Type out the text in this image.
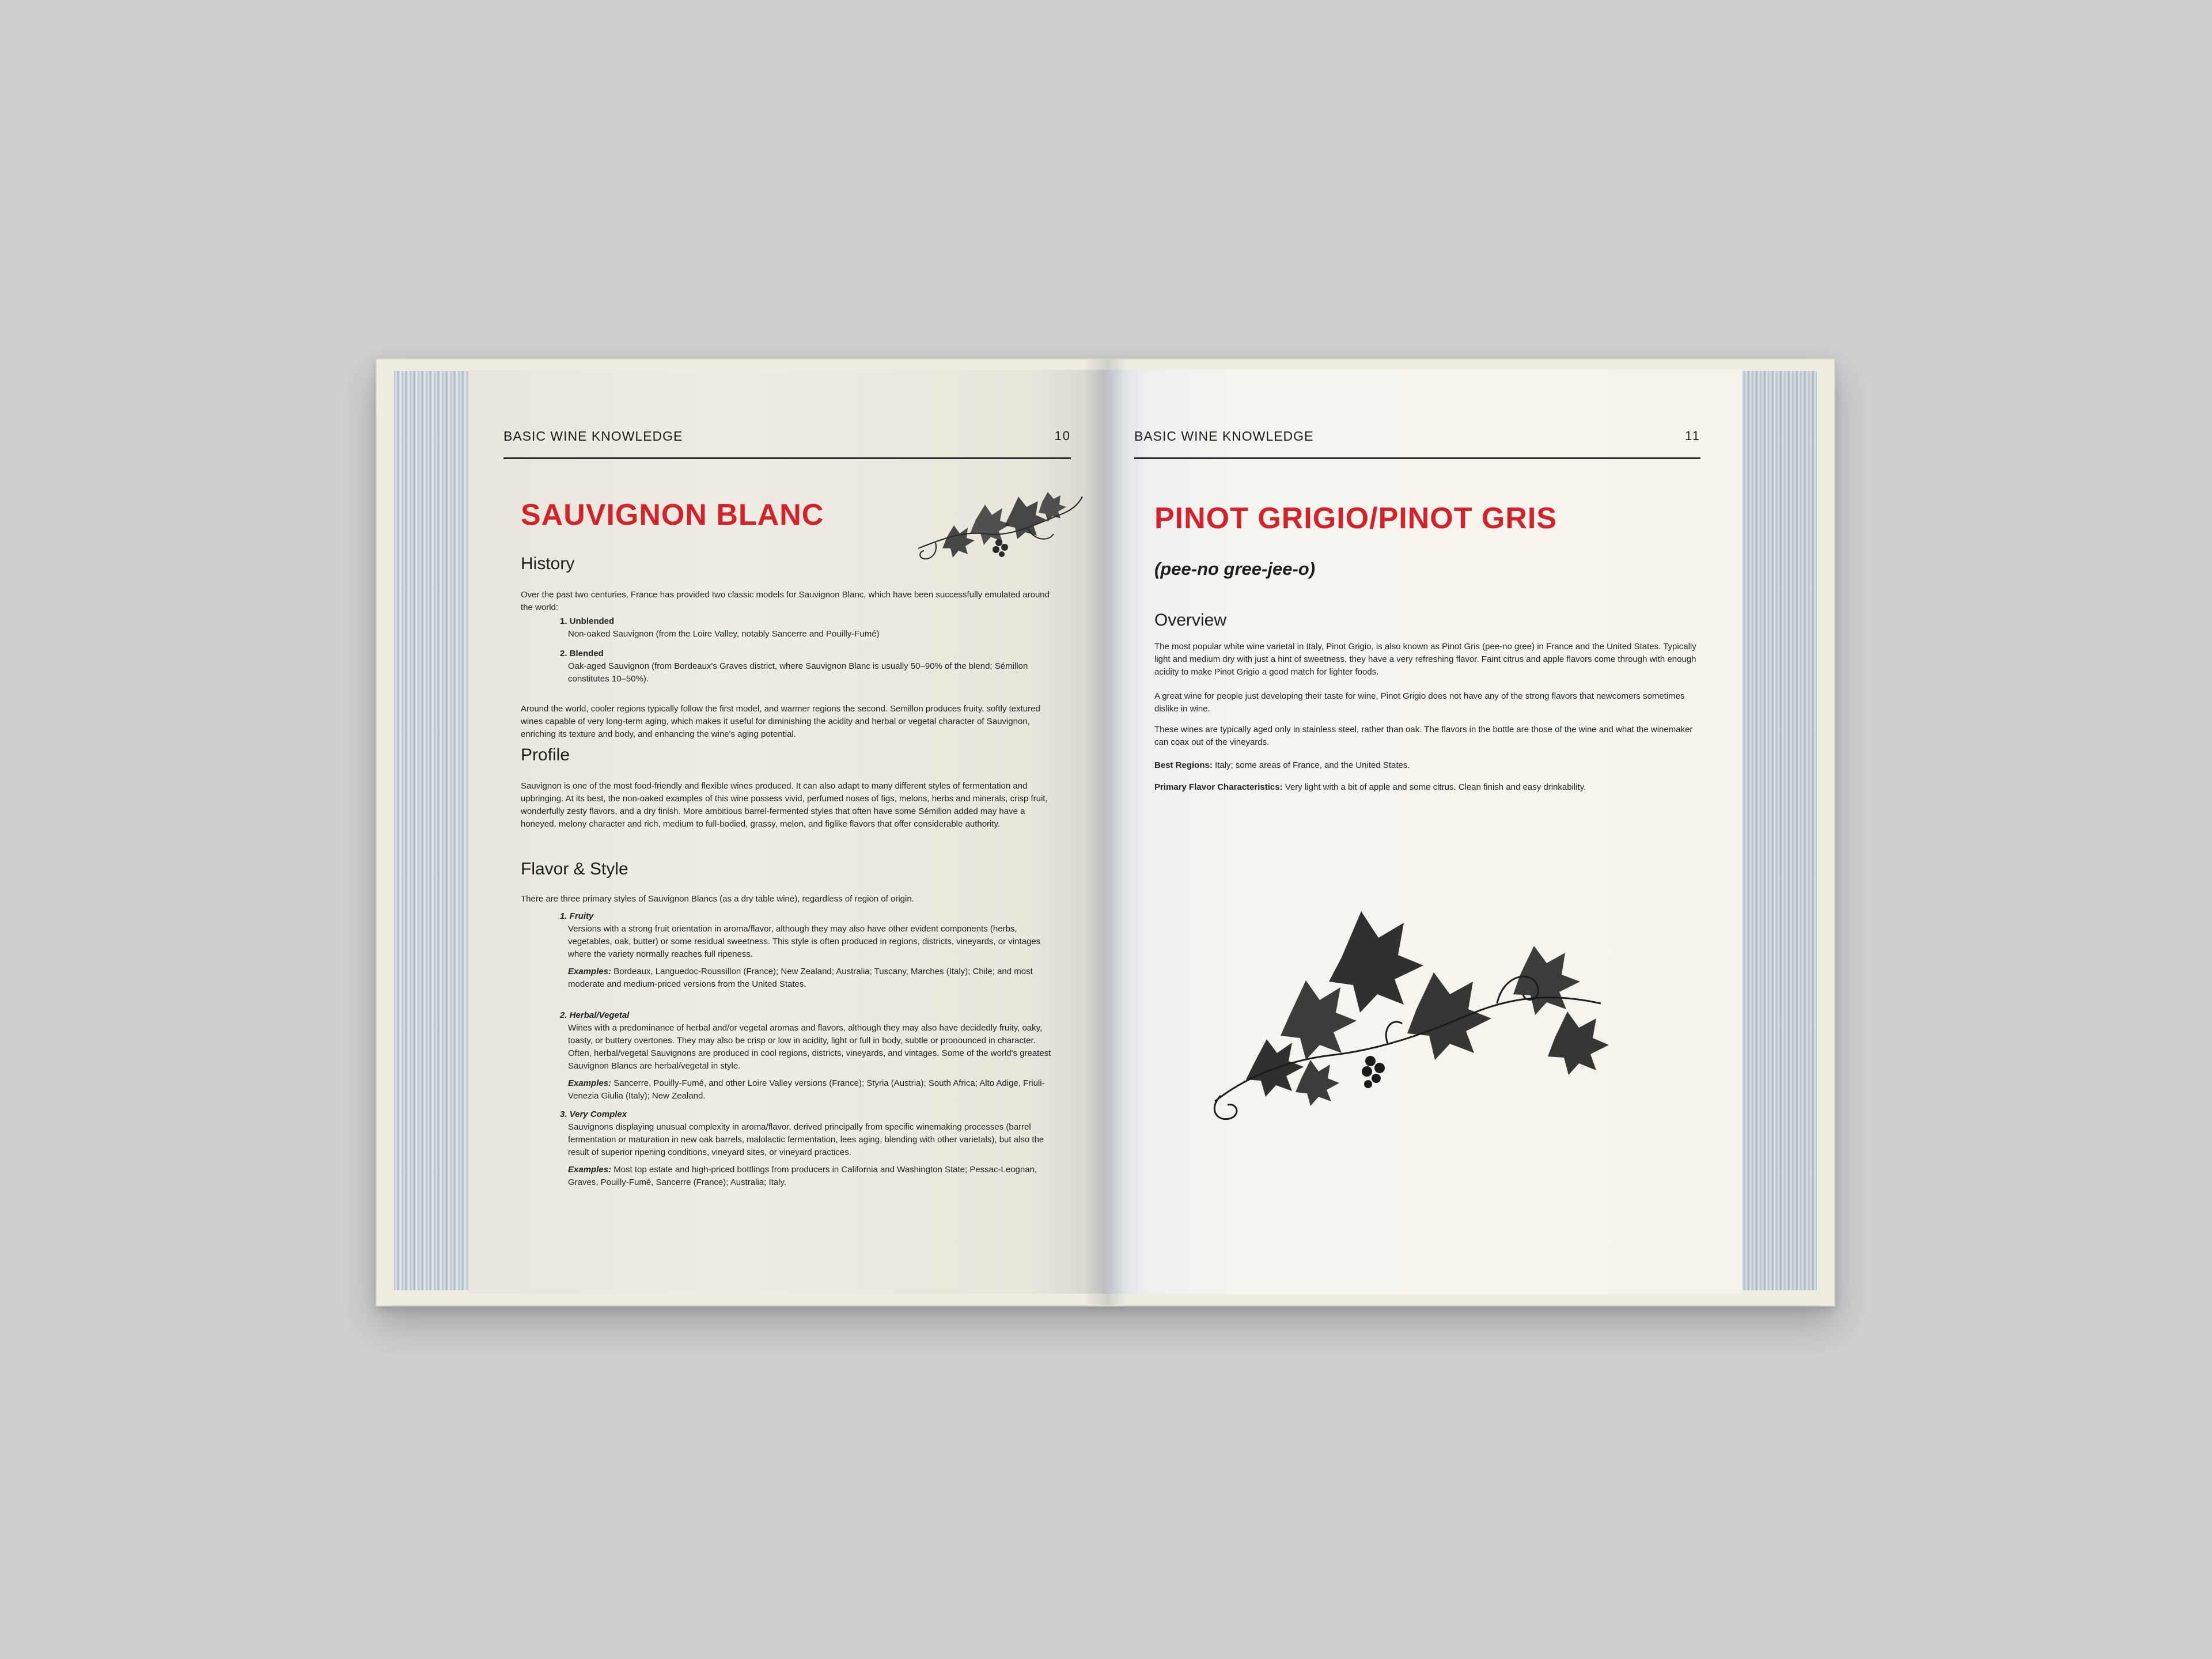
BASIC WINE KNOWLEDGE	10
SAUVIGNON BLANC
History
Over the past two centuries, France has provided two classic models for Sauvignon Blanc, which have been successfully emulated around the world:
1. Unblended
Non-oaked Sauvignon (from the Loire Valley, notably Sancerre and Pouilly-Fumé)
2. Blended
Oak-aged Sauvignon (from Bordeaux's Graves district, where Sauvignon Blanc is usually 50–90% of the blend; Sémillon constitutes 10–50%).
Around the world, cooler regions typically follow the first model, and warmer regions the second. Semillon produces fruity, softly textured wines capable of very long-term aging, which makes it useful for diminishing the acidity and herbal or vegetal character of Sauvignon, enriching its texture and body, and enhancing the wine's aging potential.
Profile
Sauvignon is one of the most food-friendly and flexible wines produced. It can also adapt to many different styles of fermentation and upbringing. At its best, the non-oaked examples of this wine possess vivid, perfumed noses of figs, melons, herbs and minerals, crisp fruit, wonderfully zesty flavors, and a dry finish. More ambitious barrel-fermented styles that often have some Sémillon added may have a honeyed, melony character and rich, medium to full-bodied, grassy, melon, and figlike flavors that offer considerable authority.
Flavor & Style
There are three primary styles of Sauvignon Blancs (as a dry table wine), regardless of region of origin.
1. Fruity
Versions with a strong fruit orientation in aroma/flavor, although they may also have other evident components (herbs, vegetables, oak, butter) or some residual sweetness. This style is often produced in regions, districts, vineyards, or vintages where the variety normally reaches full ripeness.
Examples: Bordeaux, Languedoc-Roussillon (France); New Zealand; Australia; Tuscany, Marches (Italy); Chile; and most moderate and medium-priced versions from the United States.
2. Herbal/Vegetal
Wines with a predominance of herbal and/or vegetal aromas and flavors, although they may also have decidedly fruity, oaky, toasty, or buttery overtones. They may also be crisp or low in acidity, light or full in body, subtle or pronounced in character. Often, herbal/vegetal Sauvignons are produced in cool regions, districts, vineyards, and vintages. Some of the world's greatest Sauvignon Blancs are herbal/vegetal in style.
Examples: Sancerre, Pouilly-Fumé, and other Loire Valley versions (France); Styria (Austria); South Africa; Alto Adige, Friuli-Venezia Giulia (Italy); New Zealand.
3. Very Complex
Sauvignons displaying unusual complexity in aroma/flavor, derived principally from specific winemaking processes (barrel fermentation or maturation in new oak barrels, malolactic fermentation, lees aging, blending with other varietals), but also the result of superior ripening conditions, vineyard sites, or vineyard practices.
Examples: Most top estate and high-priced bottlings from producers in California and Washington State; Pessac-Leognan, Graves, Pouilly-Fumé, Sancerre (France); Australia; Italy.
BASIC WINE KNOWLEDGE	11
PINOT GRIGIO/PINOT GRIS
(pee-no gree-jee-o)
Overview
The most popular white wine varietal in Italy, Pinot Grigio, is also known as Pinot Gris (pee-no gree) in France and the United States. Typically light and medium dry with just a hint of sweetness, they have a very refreshing flavor. Faint citrus and apple flavors come through with enough acidity to make Pinot Grigio a good match for lighter foods.
A great wine for people just developing their taste for wine, Pinot Grigio does not have any of the strong flavors that newcomers sometimes dislike in wine.
These wines are typically aged only in stainless steel, rather than oak. The flavors in the bottle are those of the wine and what the winemaker can coax out of the vineyards.
Best Regions: Italy; some areas of France, and the United States.
Primary Flavor Characteristics: Very light with a bit of apple and some citrus. Clean finish and easy drinkability.
